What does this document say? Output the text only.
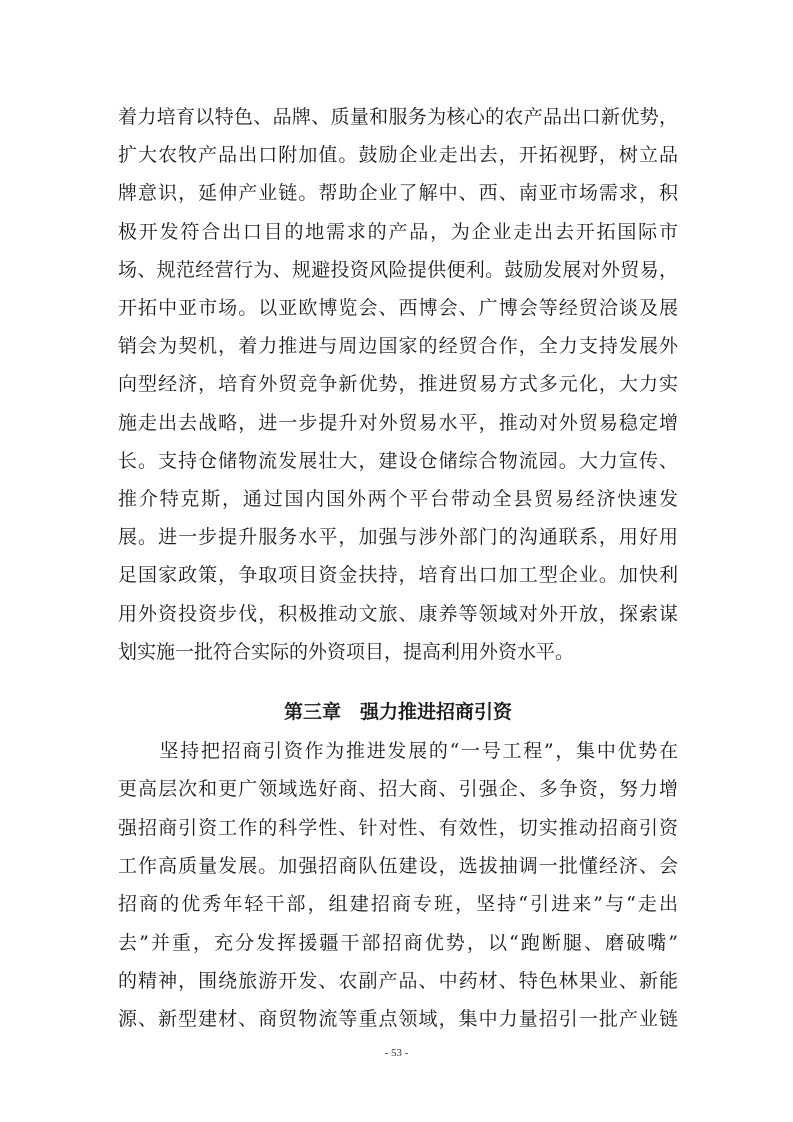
着力培育以特色、品牌、质量和服务为核心的农产品出口新优势，
扩大农牧产品出口附加值。鼓励企业走出去，开拓视野，树立品
牌意识，延伸产业链。帮助企业了解中、西、南亚市场需求，积
极开发符合出口目的地需求的产品，为企业走出去开拓国际市
场、规范经营行为、规避投资风险提供便利。鼓励发展对外贸易，
开拓中亚市场。以亚欧博览会、西博会、广博会等经贸洽谈及展
销会为契机，着力推进与周边国家的经贸合作，全力支持发展外
向型经济，培育外贸竞争新优势，推进贸易方式多元化，大力实
施走出去战略，进一步提升对外贸易水平，推动对外贸易稳定增
长。支持仓储物流发展壮大，建设仓储综合物流园。大力宣传、
推介特克斯，通过国内国外两个平台带动全县贸易经济快速发
展。进一步提升服务水平，加强与涉外部门的沟通联系，用好用
足国家政策，争取项目资金扶持，培育出口加工型企业。加快利
用外资投资步伐，积极推动文旅、康养等领域对外开放，探索谋
划实施一批符合实际的外资项目，提高利用外资水平。
第三章　强力推进招商引资
　　坚持把招商引资作为推进发展的“一号工程”，集中优势在
更高层次和更广领域选好商、招大商、引强企、多争资，努力增
强招商引资工作的科学性、针对性、有效性，切实推动招商引资
工作高质量发展。加强招商队伍建设，选拔抽调一批懂经济、会
招商的优秀年轻干部，组建招商专班，坚持“引进来”与“走出
去”并重，充分发挥援疆干部招商优势，以“跑断腿、磨破嘴”
的精神，围绕旅游开发、农副产品、中药材、特色林果业、新能
源、新型建材、商贸物流等重点领域，集中力量招引一批产业链
- 53 -
